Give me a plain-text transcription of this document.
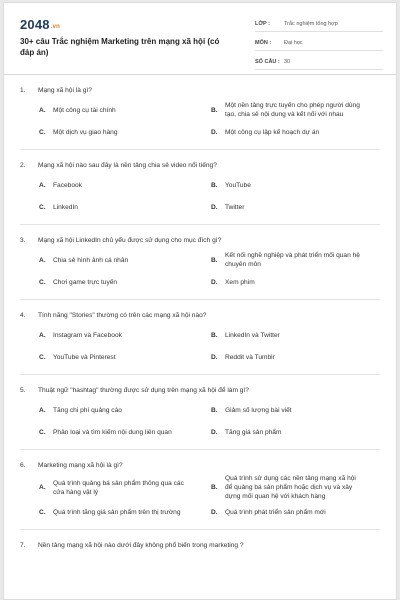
2048.vn
30+ câu Trắc nghiệm Marketing trên mạng xã hội (có đáp án)
LỚP :	Trắc nghiệm tổng hợp
MÔN :	Đại học
SỐ CÂU : 30
1.	Mạng xã hội là gì?
A.	Một công cụ tài chính	B.
Một nền tảng trực tuyến cho phép người dùng tạo, chia sẻ nội dung và kết nối với nhau
C.	Một dịch vụ giao hàng	D.	Một công cụ lập kế hoạch dự án
2.	Mạng xã hội nào sau đây là nền tảng chia sẻ video nổi tiếng?
A.	Facebook	B.	YouTube
C.	LinkedIn	D.	Twitter
3.	Mạng xã hội LinkedIn chủ yếu được sử dụng cho mục đích gì?
A.	Chia sẻ hình ảnh cá nhân	B.
Kết nối nghề nghiệp và phát triển mối quan hệ chuyên môn
C.	Chơi game trực tuyến	D.	Xem phim
4.	Tính năng "Stories" thường có trên các mạng xã hội nào?
A.	Instagram và Facebook	B.	LinkedIn và Twitter
C.	YouTube và Pinterest	D.	Reddit và Tumblr
5.	Thuật ngữ "hashtag" thường được sử dụng trên mạng xã hội để làm gì?
A.	Tăng chi phí quảng cáo	B.	Giảm số lượng bài viết
C.	Phân loại và tìm kiếm nội dung liên quan	D.	Tăng giá sản phẩm
6.	Marketing mạng xã hội là gì?
A.
Quá trình quảng bá sản phẩm thông qua các cửa hàng vật lý
B.
Quá trình sử dụng các nền tảng mạng xã hội để quảng bá sản phẩm hoặc dịch vụ và xây dựng mối quan hệ với khách hàng
C.	Quá trình tăng giá sản phẩm trên thị trường	D.	Quá trình phát triển sản phẩm mới
7.	Nền tảng mạng xã hội nào dưới đây không phổ biến trong marketing ?
